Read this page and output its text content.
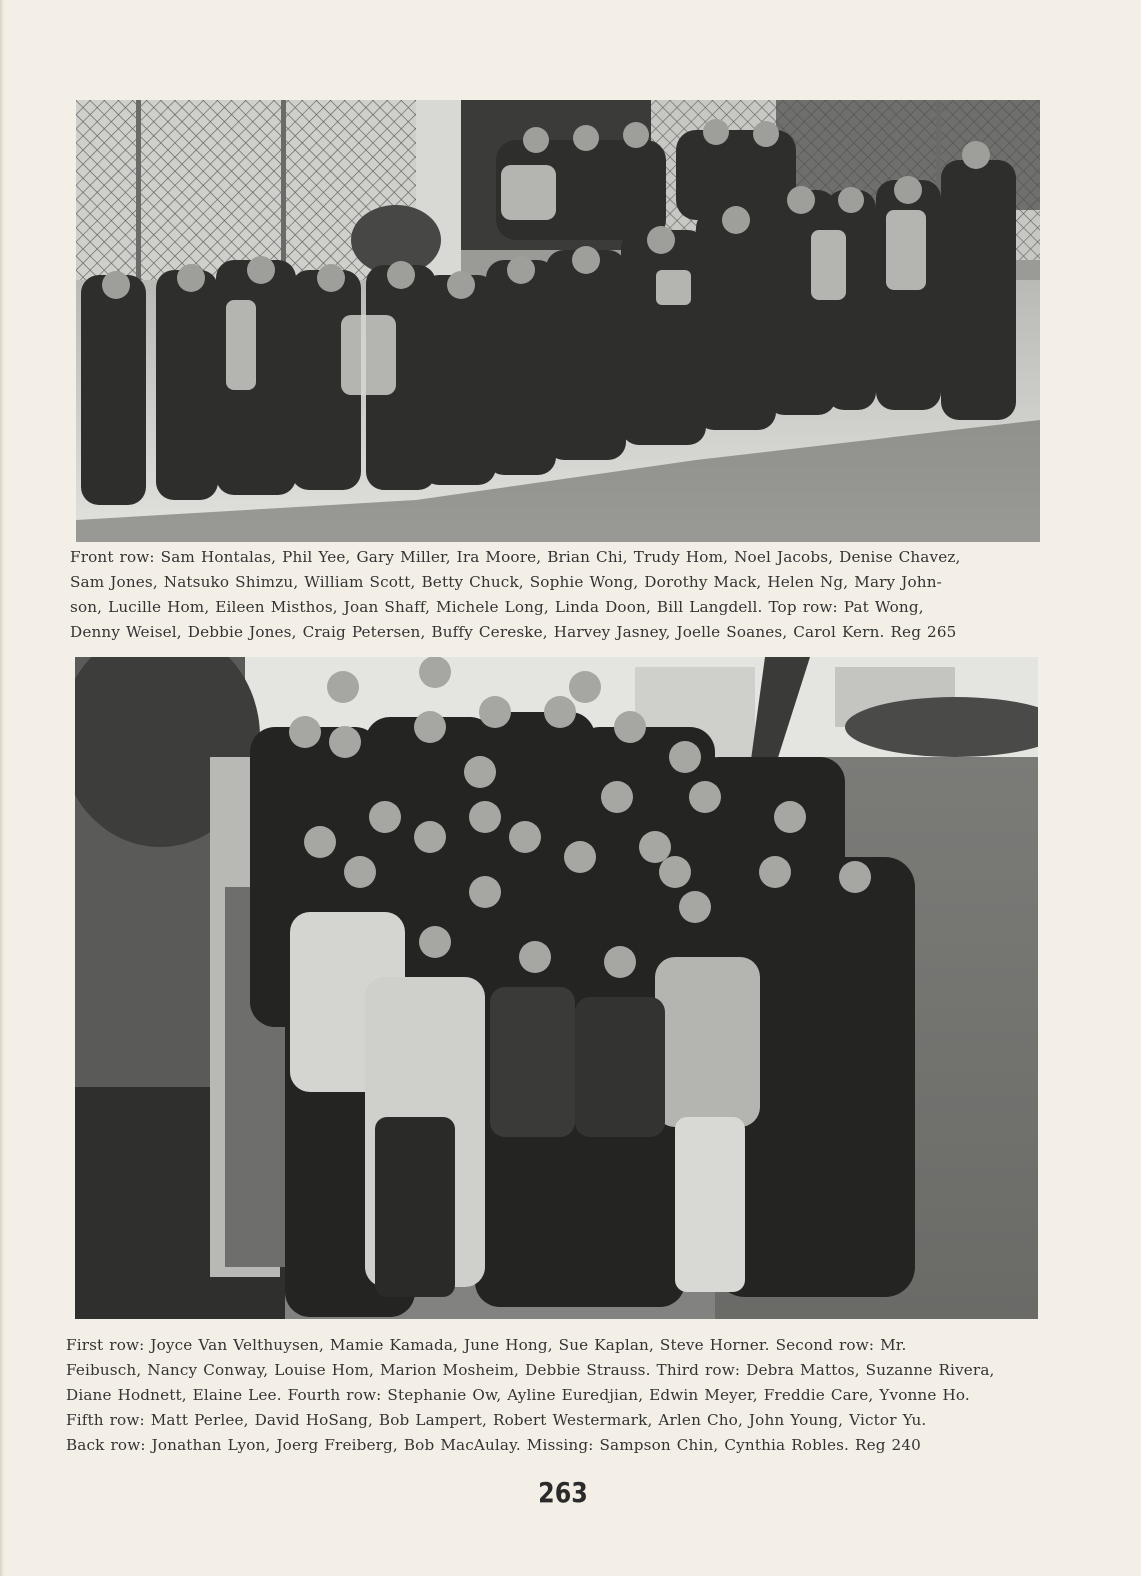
Front row: Sam Hontalas, Phil Yee, Gary Miller, Ira Moore, Brian Chi, Trudy Hom, Noel Jacobs, Denise Chavez,
Sam Jones, Natsuko Shimzu, William Scott, Betty Chuck, Sophie Wong, Dorothy Mack, Helen Ng, Mary John-
son, Lucille Hom, Eileen Misthos, Joan Shaff, Michele Long, Linda Doon, Bill Langdell. Top row: Pat Wong,
Denny Weisel, Debbie Jones, Craig Petersen, Buffy Cereske, Harvey Jasney, Joelle Soanes, Carol Kern. Reg 265

First row: Joyce Van Velthuysen, Mamie Kamada, June Hong, Sue Kaplan, Steve Horner. Second row: Mr.
Feibusch, Nancy Conway, Louise Hom, Marion Mosheim, Debbie Strauss. Third row: Debra Mattos, Suzanne Rivera,
Diane Hodnett, Elaine Lee. Fourth row: Stephanie Ow, Ayline Euredjian, Edwin Meyer, Freddie Care, Yvonne Ho.
Fifth row: Matt Perlee, David HoSang, Bob Lampert, Robert Westermark, Arlen Cho, John Young, Victor Yu.
Back row: Jonathan Lyon, Joerg Freiberg, Bob MacAulay. Missing: Sampson Chin, Cynthia Robles. Reg 240

263
